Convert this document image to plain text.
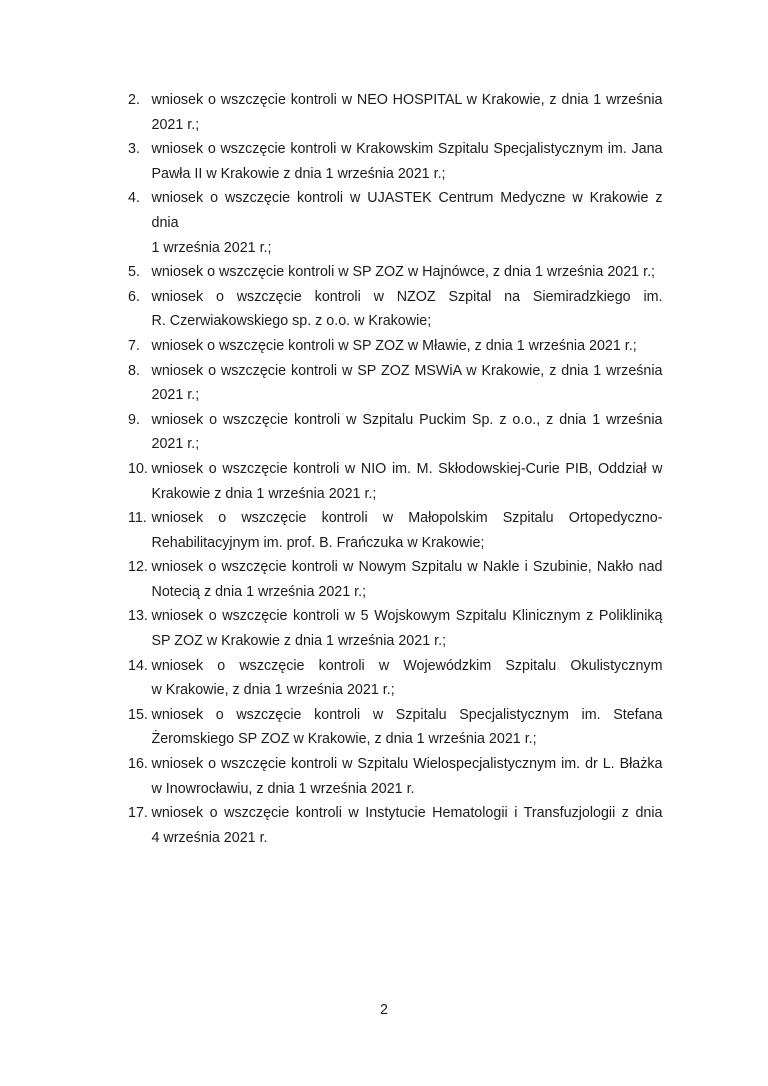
2. wniosek o wszczęcie kontroli w NEO HOSPITAL w Krakowie, z dnia 1 września
2021 r.;
3. wniosek o wszczęcie kontroli w Krakowskim Szpitalu Specjalistycznym im. Jana
Pawła II w Krakowie z dnia 1 września 2021 r.;
4. wniosek o wszczęcie kontroli w UJASTEK Centrum Medyczne w Krakowie z dnia
1 września 2021 r.;
5. wniosek o wszczęcie kontroli w SP ZOZ w Hajnówce, z dnia 1 września 2021 r.;
6. wniosek o wszczęcie kontroli w NZOZ Szpital na Siemiradzkiego im.
R. Czerwiakowskiego sp. z o.o. w Krakowie;
7. wniosek o wszczęcie kontroli w SP ZOZ w Mławie, z dnia 1 września 2021 r.;
8. wniosek o wszczęcie kontroli w SP ZOZ MSWiA w Krakowie, z dnia 1 września
2021 r.;
9. wniosek o wszczęcie kontroli w Szpitalu Puckim Sp. z o.o., z dnia 1 września
2021 r.;
10. wniosek o wszczęcie kontroli w NIO im. M. Skłodowskiej-Curie PIB, Oddział w
Krakowie z dnia 1 września 2021 r.;
11. wniosek o wszczęcie kontroli w Małopolskim Szpitalu Ortopedyczno-
Rehabilitacyjnym im. prof. B. Frańczuka w Krakowie;
12. wniosek o wszczęcie kontroli w Nowym Szpitalu w Nakle i Szubinie, Nakło nad
Notecią z dnia 1 września 2021 r.;
13. wniosek o wszczęcie kontroli w 5 Wojskowym Szpitalu Klinicznym z Polikliniką
SP ZOZ w Krakowie z dnia 1 września 2021 r.;
14. wniosek o wszczęcie kontroli w Wojewódzkim Szpitalu Okulistycznym
w Krakowie, z dnia 1 września 2021 r.;
15. wniosek o wszczęcie kontroli w Szpitalu Specjalistycznym im. Stefana
Żeromskiego SP ZOZ w Krakowie, z dnia 1 września 2021 r.;
16. wniosek o wszczęcie kontroli w Szpitalu Wielospecjalistycznym im. dr L. Błażka
w Inowrocławiu, z dnia 1 września 2021 r.
17. wniosek o wszczęcie kontroli w Instytucie Hematologii i Transfuzjologii z dnia
4 września 2021 r.
2
